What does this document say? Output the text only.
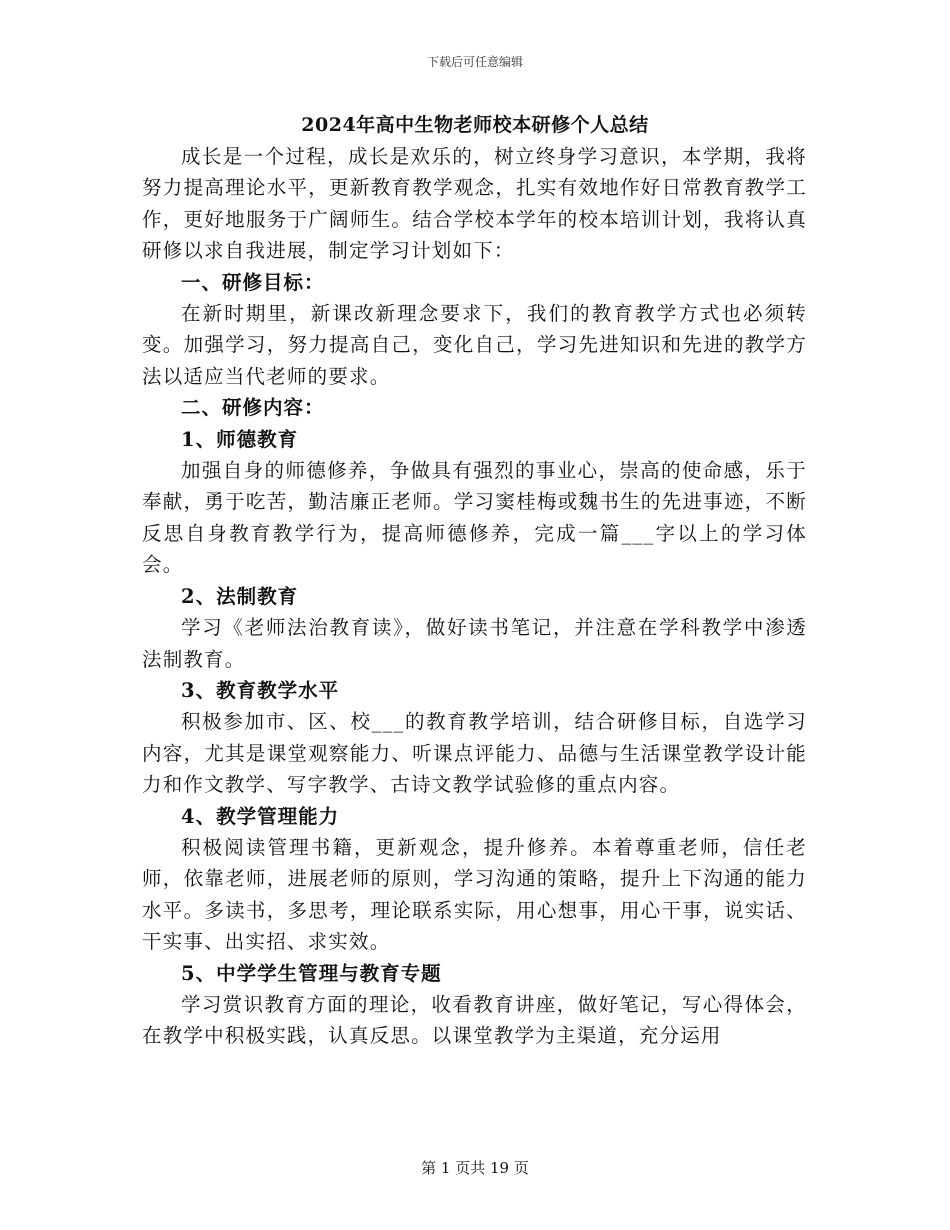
下载后可任意编辑
2024年高中生物老师校本研修个人总结

成长是一个过程，成长是欢乐的，树立终身学习意识，本学期，我将努力提高理论水平，更新教育教学观念，扎实有效地作好日常教育教学工作，更好地服务于广阔师生。结合学校本学年的校本培训计划，我将认真研修以求自我进展，制定学习计划如下：

一、研修目标：

在新时期里，新课改新理念要求下，我们的教育教学方式也必须转变。加强学习，努力提高自己，变化自己，学习先进知识和先进的教学方法以适应当代老师的要求。

二、研修内容：

1、师德教育

加强自身的师德修养，争做具有强烈的事业心，崇高的使命感，乐于奉献，勇于吃苦，勤洁廉正老师。学习窦桂梅或魏书生的先进事迹，不断反思自身教育教学行为，提高师德修养，完成一篇___字以上的学习体会。

2、法制教育

学习《老师法治教育读》，做好读书笔记，并注意在学科教学中渗透法制教育。

3、教育教学水平

积极参加市、区、校___的教育教学培训，结合研修目标，自选学习内容，尤其是课堂观察能力、听课点评能力、品德与生活课堂教学设计能力和作文教学、写字教学、古诗文教学试验修的重点内容。

4、教学管理能力

积极阅读管理书籍，更新观念，提升修养。本着尊重老师，信任老师，依靠老师，进展老师的原则，学习沟通的策略，提升上下沟通的能力水平。多读书，多思考，理论联系实际，用心想事，用心干事，说实话、干实事、出实招、求实效。

5、中学学生管理与教育专题

学习赏识教育方面的理论，收看教育讲座，做好笔记，写心得体会，在教学中积极实践，认真反思。以课堂教学为主渠道，充分运用

第 1 页共 19 页
